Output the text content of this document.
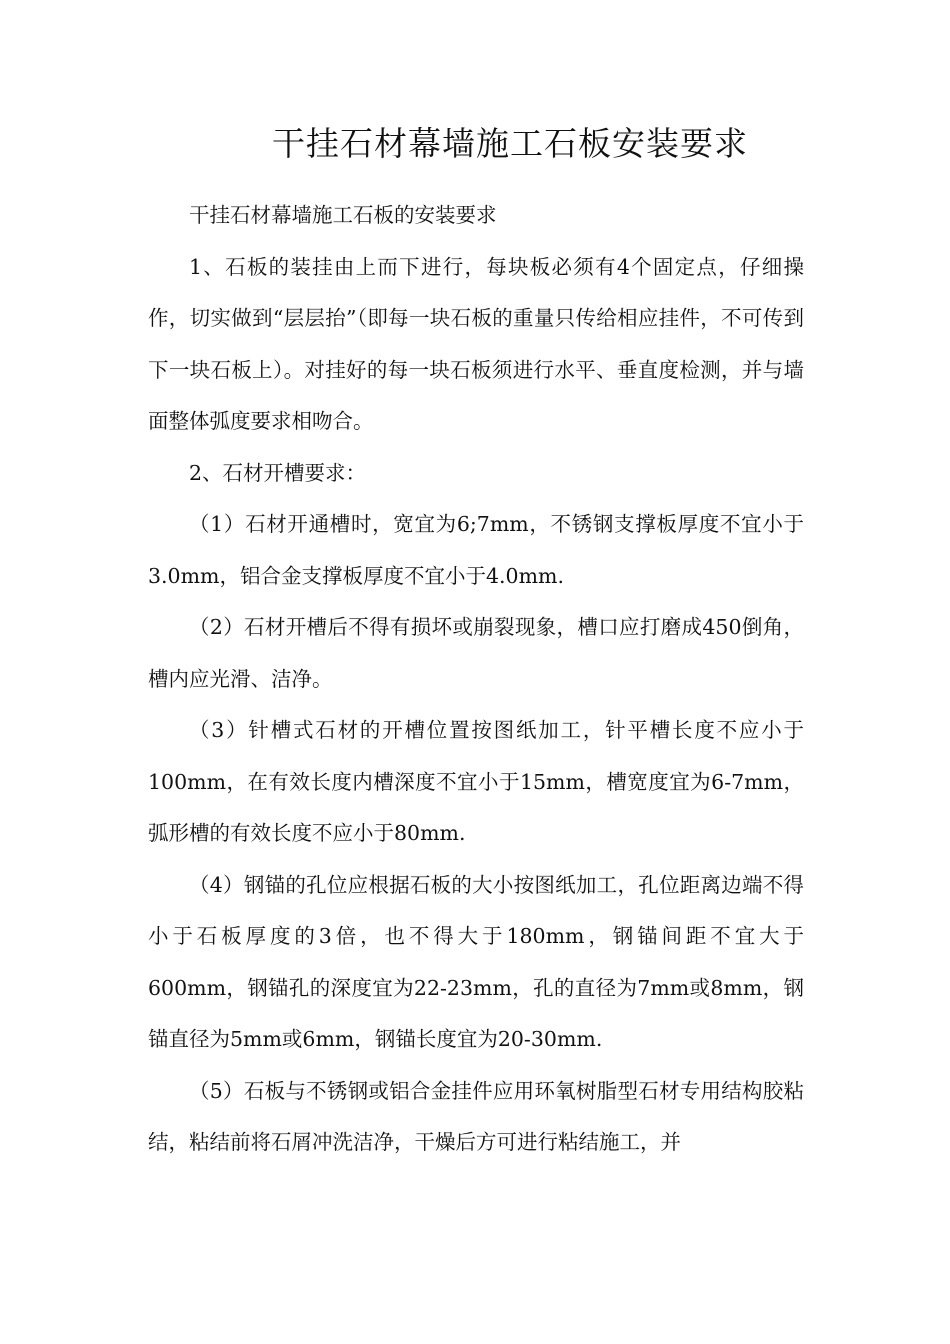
干挂石材幕墙施工石板安装要求

干挂石材幕墙施工石板的安装要求

1、石板的装挂由上而下进行，每块板必须有4个固定点，仔细操作，切实做到“层层抬”（即每一块石板的重量只传给相应挂件，不可传到下一块石板上）。对挂好的每一块石板须进行水平、垂直度检测，并与墙面整体弧度要求相吻合。

2、石材开槽要求：

（1）石材开通槽时，宽宜为6;7mm，不锈钢支撑板厚度不宜小于3.0mm，铝合金支撑板厚度不宜小于4.0mm.

（2）石材开槽后不得有损坏或崩裂现象，槽口应打磨成450倒角，槽内应光滑、洁净。

（3）针槽式石材的开槽位置按图纸加工，针平槽长度不应小于100mm，在有效长度内槽深度不宜小于15mm，槽宽度宜为6-7mm，弧形槽的有效长度不应小于80mm.

（4）钢锚的孔位应根据石板的大小按图纸加工，孔位距离边端不得小于石板厚度的3倍，也不得大于180mm，钢锚间距不宜大于600mm，钢锚孔的深度宜为22-23mm，孔的直径为7mm或8mm，钢锚直径为5mm或6mm，钢锚长度宜为20-30mm.

（5）石板与不锈钢或铝合金挂件应用环氧树脂型石材专用结构胶粘结，粘结前将石屑冲洗洁净，干燥后方可进行粘结施工，并
